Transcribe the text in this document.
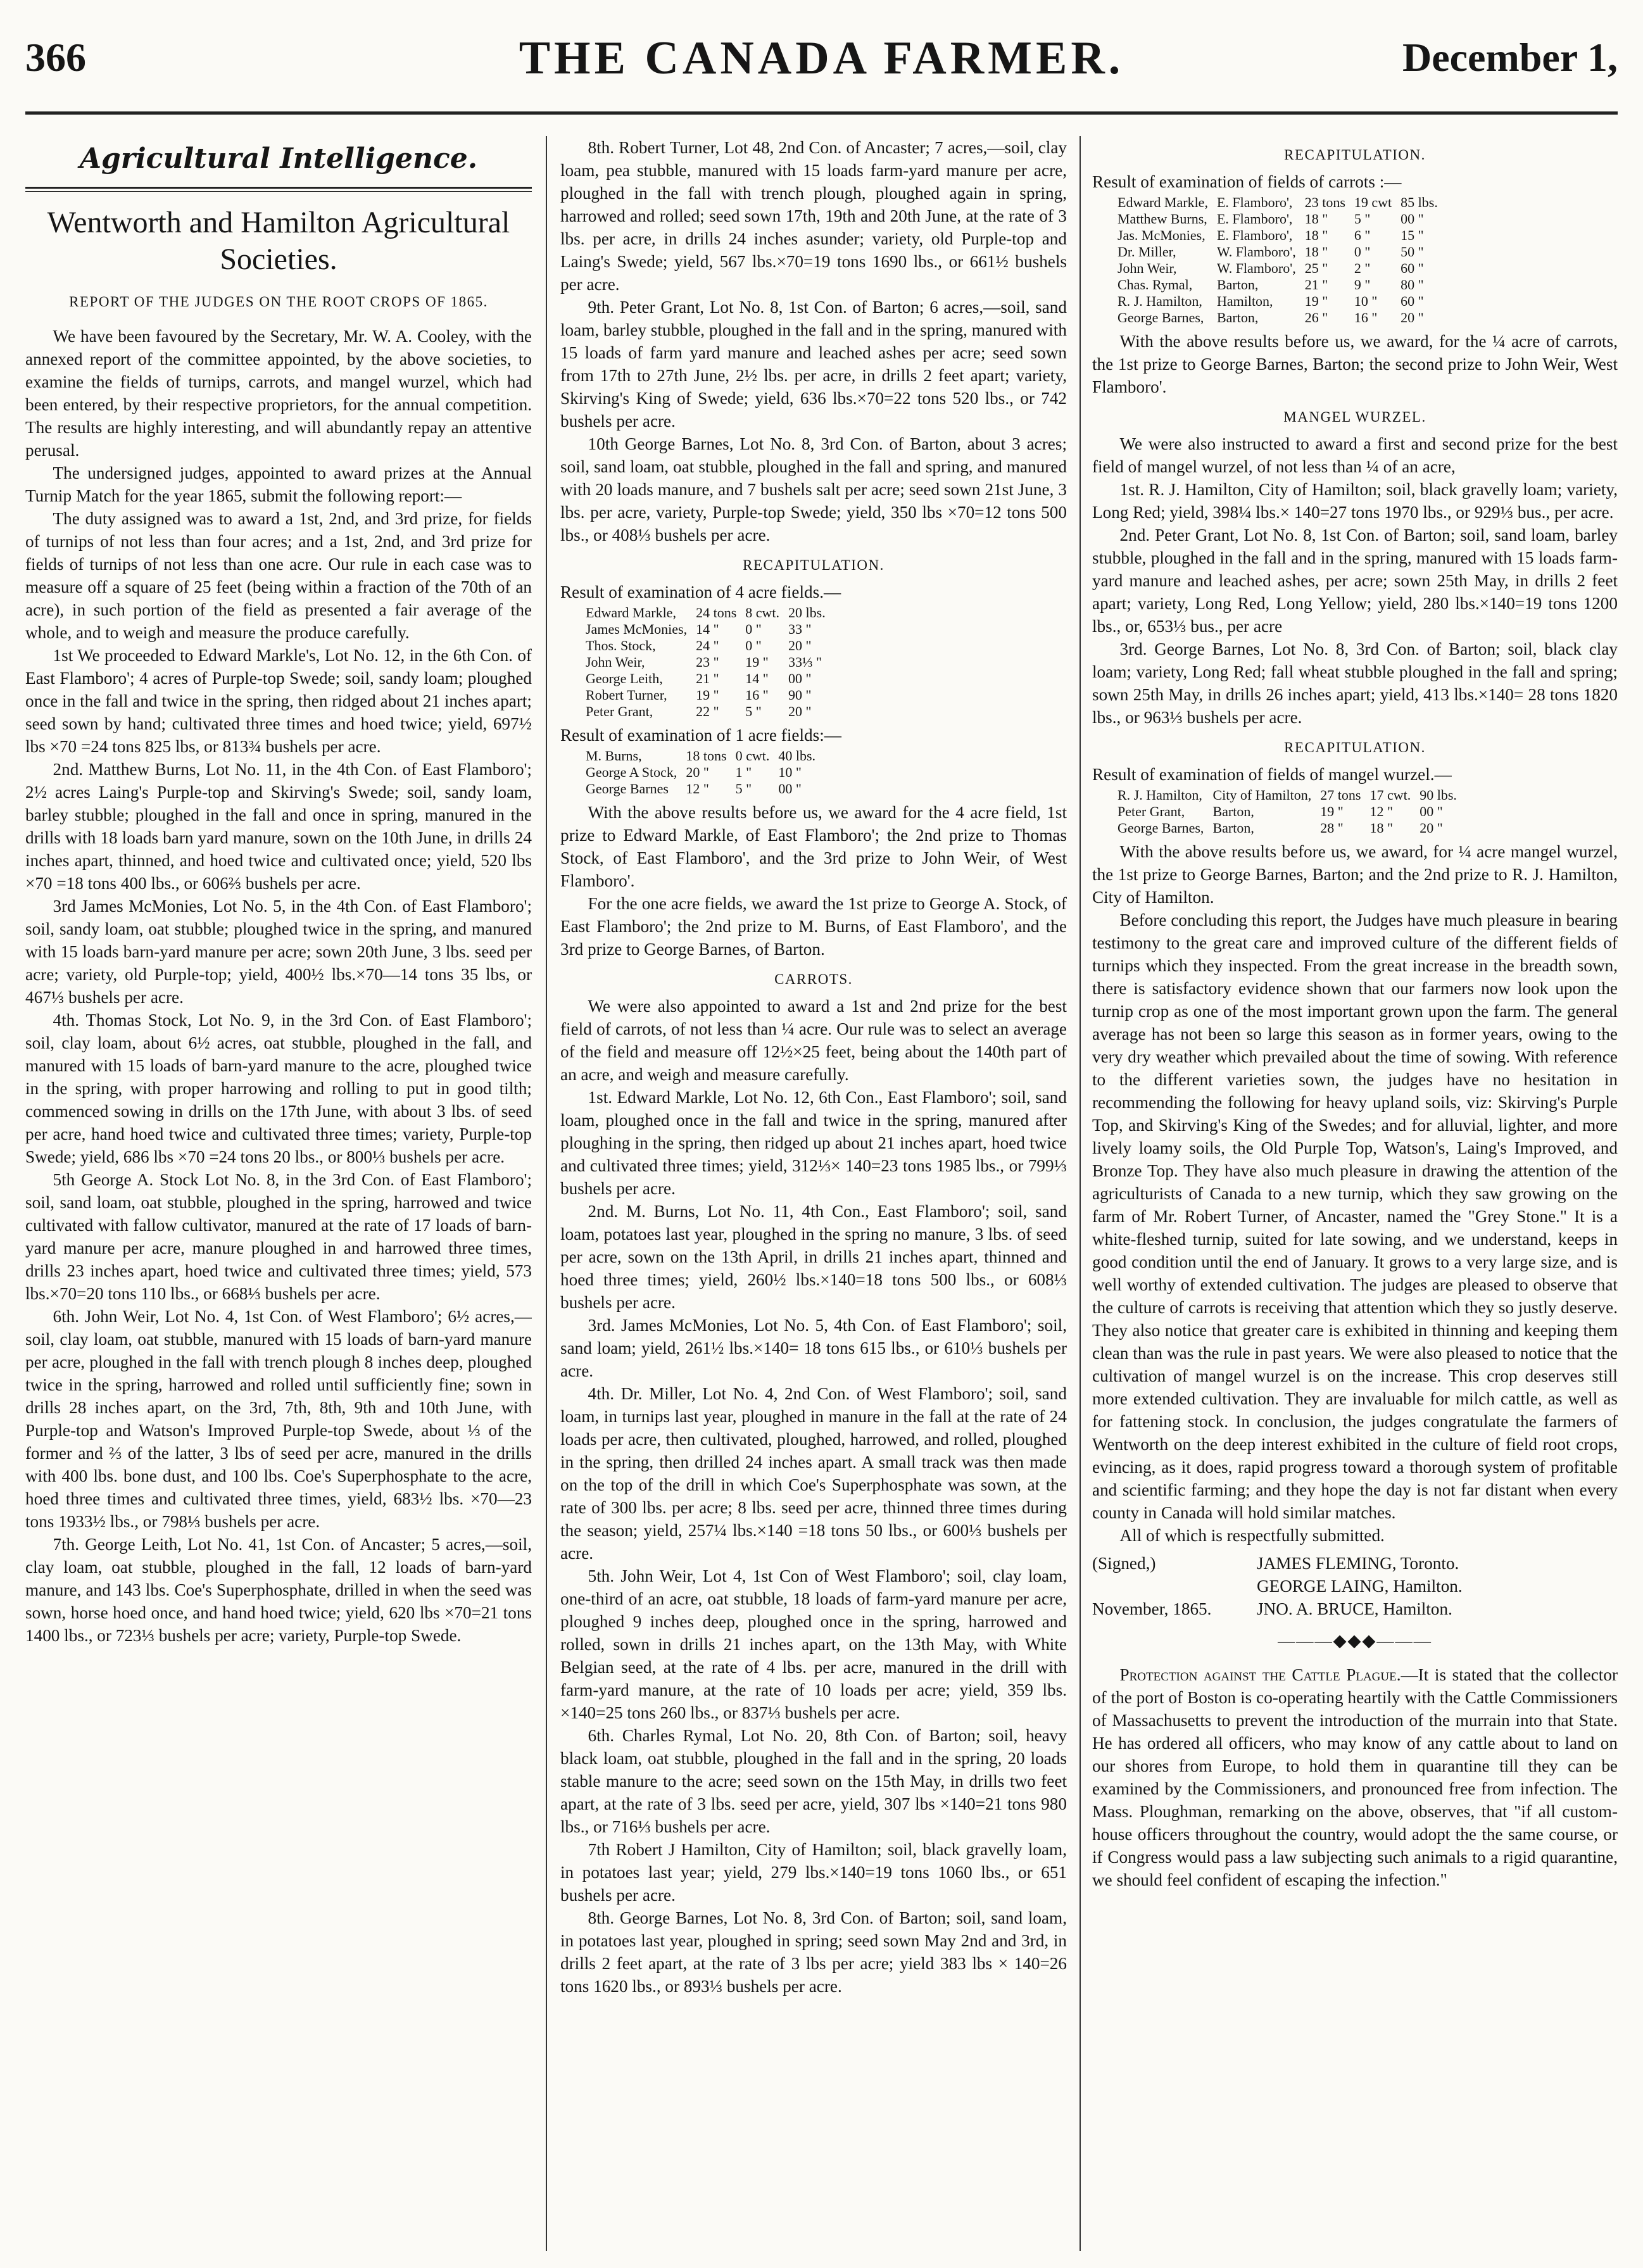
366	THE CANADA FARMER.	December 1,
Agricultural Intelligence.
Wentworth and Hamilton Agricultural Societies.
REPORT OF THE JUDGES ON THE ROOT CROPS OF 1865.

We have been favoured by the Secretary, Mr. W. A. Cooley, with the annexed report of the committee appointed, by the above societies, to examine the fields of turnips, carrots, and mangel wurzel, which had been entered, by their respective proprietors, for the annual competition. The results are highly interesting, and will abundantly repay an attentive perusal.

The undersigned judges, appointed to award prizes at the Annual Turnip Match for the year 1865, submit the following report:—

The duty assigned was to award a 1st, 2nd, and 3rd prize, for fields of turnips of not less than four acres; and a 1st, 2nd, and 3rd prize for fields of turnips of not less than one acre. Our rule in each case was to measure off a square of 25 feet (being within a fraction of the 70th of an acre), in such portion of the field as presented a fair average of the whole, and to weigh and measure the produce carefully.

1st We proceeded to Edward Markle's, Lot No. 12, in the 6th Con. of East Flamboro'; 4 acres of Purple-top Swede; soil, sandy loam; ploughed once in the fall and twice in the spring, then ridged about 21 inches apart; seed sown by hand; cultivated three times and hoed twice; yield, 697½ lbs ×70 =24 tons 825 lbs, or 813¾ bushels per acre.

2nd. Matthew Burns, Lot No. 11, in the 4th Con. of East Flamboro'; 2½ acres Laing's Purple-top and Skirving's Swede; soil, sandy loam, barley stubble; ploughed in the fall and once in spring, manured in the drills with 18 loads barn yard manure, sown on the 10th June, in drills 24 inches apart, thinned, and hoed twice and cultivated once; yield, 520 lbs ×70 =18 tons 400 lbs., or 606⅔ bushels per acre.

3rd James McMonies, Lot No. 5, in the 4th Con. of East Flamboro'; soil, sandy loam, oat stubble; ploughed twice in the spring, and manured with 15 loads barn-yard manure per acre; sown 20th June, 3 lbs. seed per acre; variety, old Purple-top; yield, 400½ lbs.×70—14 tons 35 lbs, or 467⅓ bushels per acre.

4th. Thomas Stock, Lot No. 9, in the 3rd Con. of East Flamboro'; soil, clay loam, about 6½ acres, oat stubble, ploughed in the fall, and manured with 15 loads of barn-yard manure to the acre, ploughed twice in the spring, with proper harrowing and rolling to put in good tilth; commenced sowing in drills on the 17th June, with about 3 lbs. of seed per acre, hand hoed twice and cultivated three times; variety, Purple-top Swede; yield, 686 lbs ×70 =24 tons 20 lbs., or 800⅓ bushels per acre.

5th George A. Stock Lot No. 8, in the 3rd Con. of East Flamboro'; soil, sand loam, oat stubble, ploughed in the spring, harrowed and twice cultivated with fallow cultivator, manured at the rate of 17 loads of barn-yard manure per acre, manure ploughed in and harrowed three times, drills 23 inches apart, hoed twice and cultivated three times; yield, 573 lbs.×70=20 tons 110 lbs., or 668⅓ bushels per acre.

6th. John Weir, Lot No. 4, 1st Con. of West Flamboro'; 6½ acres,—soil, clay loam, oat stubble, manured with 15 loads of barn-yard manure per acre, ploughed in the fall with trench plough 8 inches deep, ploughed twice in the spring, harrowed and rolled until sufficiently fine; sown in drills 28 inches apart, on the 3rd, 7th, 8th, 9th and 10th June, with Purple-top and Watson's Improved Purple-top Swede, about ⅓ of the former and ⅔ of the latter, 3 lbs of seed per acre, manured in the drills with 400 lbs. bone dust, and 100 lbs. Coe's Superphosphate to the acre, hoed three times and cultivated three times, yield, 683½ lbs. ×70—23 tons 1933½ lbs., or 798⅓ bushels per acre.

7th. George Leith, Lot No. 41, 1st Con. of Ancaster; 5 acres,—soil, clay loam, oat stubble, ploughed in the fall, 12 loads of barn-yard manure, and 143 lbs. Coe's Superphosphate, drilled in when the seed was sown, horse hoed once, and hand hoed twice; yield, 620 lbs ×70=21 tons 1400 lbs., or 723⅓ bushels per acre; variety, Purple-top Swede.

8th. Robert Turner, Lot 48, 2nd Con. of Ancaster; 7 acres,—soil, clay loam, pea stubble, manured with 15 loads farm-yard manure per acre, ploughed in the fall with trench plough, ploughed again in spring, harrowed and rolled; seed sown 17th, 19th and 20th June, at the rate of 3 lbs. per acre, in drills 24 inches asunder; variety, old Purple-top and Laing's Swede; yield, 567 lbs.×70=19 tons 1690 lbs., or 661½ bushels per acre.

9th. Peter Grant, Lot No. 8, 1st Con. of Barton; 6 acres,—soil, sand loam, barley stubble, ploughed in the fall and in the spring, manured with 15 loads of farm yard manure and leached ashes per acre; seed sown from 17th to 27th June, 2½ lbs. per acre, in drills 2 feet apart; variety, Skirving's King of Swede; yield, 636 lbs.×70=22 tons 520 lbs., or 742 bushels per acre.

10th George Barnes, Lot No. 8, 3rd Con. of Barton, about 3 acres; soil, sand loam, oat stubble, ploughed in the fall and spring, and manured with 20 loads manure, and 7 bushels salt per acre; seed sown 21st June, 3 lbs. per acre, variety, Purple-top Swede; yield, 350 lbs ×70=12 tons 500 lbs., or 408⅓ bushels per acre.

RECAPITULATION.

Result of examination of 4 acre fields.—

Edward Markle,	24 tons	8 cwt.	20 lbs.
James McMonies,	14 "	0 "	33 "
Thos. Stock,	24 "	0 "	20 "
John Weir,	23 "	19 "	33⅓ "
George Leith,	21 "	14 "	00 "
Robert Turner,	19 "	16 "	90 "
Peter Grant,	22 "	5 "	20 "

Result of examination of 1 acre fields:—

M. Burns,	18 tons	0 cwt.	40 lbs.
George A Stock,	20 "	1 "	10 "
George Barnes	12 "	5 "	00 "

With the above results before us, we award for the 4 acre field, 1st prize to Edward Markle, of East Flamboro'; the 2nd prize to Thomas Stock, of East Flamboro', and the 3rd prize to John Weir, of West Flamboro'.

For the one acre fields, we award the 1st prize to George A. Stock, of East Flamboro'; the 2nd prize to M. Burns, of East Flamboro', and the 3rd prize to George Barnes, of Barton.

CARROTS.

We were also appointed to award a 1st and 2nd prize for the best field of carrots, of not less than ¼ acre. Our rule was to select an average of the field and measure off 12½×25 feet, being about the 140th part of an acre, and weigh and measure carefully.

1st. Edward Markle, Lot No. 12, 6th Con., East Flamboro'; soil, sand loam, ploughed once in the fall and twice in the spring, manured after ploughing in the spring, then ridged up about 21 inches apart, hoed twice and cultivated three times; yield, 312⅓× 140=23 tons 1985 lbs., or 799⅓ bushels per acre.

2nd. M. Burns, Lot No. 11, 4th Con., East Flamboro'; soil, sand loam, potatoes last year, ploughed in the spring no manure, 3 lbs. of seed per acre, sown on the 13th April, in drills 21 inches apart, thinned and hoed three times; yield, 260½ lbs.×140=18 tons 500 lbs., or 608⅓ bushels per acre.

3rd. James McMonies, Lot No. 5, 4th Con. of East Flamboro'; soil, sand loam; yield, 261½ lbs.×140= 18 tons 615 lbs., or 610⅓ bushels per acre.

4th. Dr. Miller, Lot No. 4, 2nd Con. of West Flamboro'; soil, sand loam, in turnips last year, ploughed in manure in the fall at the rate of 24 loads per acre, then cultivated, ploughed, harrowed, and rolled, ploughed in the spring, then drilled 24 inches apart. A small track was then made on the top of the drill in which Coe's Superphosphate was sown, at the rate of 300 lbs. per acre; 8 lbs. seed per acre, thinned three times during the season; yield, 257¼ lbs.×140 =18 tons 50 lbs., or 600⅓ bushels per acre.

5th. John Weir, Lot 4, 1st Con of West Flamboro'; soil, clay loam, one-third of an acre, oat stubble, 18 loads of farm-yard manure per acre, ploughed 9 inches deep, ploughed once in the spring, harrowed and rolled, sown in drills 21 inches apart, on the 13th May, with White Belgian seed, at the rate of 4 lbs. per acre, manured in the drill with farm-yard manure, at the rate of 10 loads per acre; yield, 359 lbs. ×140=25 tons 260 lbs., or 837⅓ bushels per acre.

6th. Charles Rymal, Lot No. 20, 8th Con. of Barton; soil, heavy black loam, oat stubble, ploughed in the fall and in the spring, 20 loads stable manure to the acre; seed sown on the 15th May, in drills two feet apart, at the rate of 3 lbs. seed per acre, yield, 307 lbs ×140=21 tons 980 lbs., or 716⅓ bushels per acre.

7th Robert J Hamilton, City of Hamilton; soil, black gravelly loam, in potatoes last year; yield, 279 lbs.×140=19 tons 1060 lbs., or 651 bushels per acre.

8th. George Barnes, Lot No. 8, 3rd Con. of Barton; soil, sand loam, in potatoes last year, ploughed in spring; seed sown May 2nd and 3rd, in drills 2 feet apart, at the rate of 3 lbs per acre; yield 383 lbs × 140=26 tons 1620 lbs., or 893⅓ bushels per acre.

RECAPITULATION.

Result of examination of fields of carrots :—

Edward Markle,	E. Flamboro',	23 tons	19 cwt	85 lbs.
Matthew Burns,	E. Flamboro',	18 "	5 "	00 "
Jas. McMonies,	E. Flamboro',	18 "	6 "	15 "
Dr. Miller,	W. Flamboro',	18 "	0 "	50 "
John Weir,	W. Flamboro',	25 "	2 "	60 "
Chas. Rymal,	Barton,	21 "	9 "	80 "
R. J. Hamilton,	Hamilton,	19 "	10 "	60 "
George Barnes,	Barton,	26 "	16 "	20 "

With the above results before us, we award, for the ¼ acre of carrots, the 1st prize to George Barnes, Barton; the second prize to John Weir, West Flamboro'.

MANGEL WURZEL.

We were also instructed to award a first and second prize for the best field of mangel wurzel, of not less than ¼ of an acre,

1st. R. J. Hamilton, City of Hamilton; soil, black gravelly loam; variety, Long Red; yield, 398¼ lbs.× 140=27 tons 1970 lbs., or 929⅓ bus., per acre.

2nd. Peter Grant, Lot No. 8, 1st Con. of Barton; soil, sand loam, barley stubble, ploughed in the fall and in the spring, manured with 15 loads farm-yard manure and leached ashes, per acre; sown 25th May, in drills 2 feet apart; variety, Long Red, Long Yellow; yield, 280 lbs.×140=19 tons 1200 lbs., or, 653⅓ bus., per acre

3rd. George Barnes, Lot No. 8, 3rd Con. of Barton; soil, black clay loam; variety, Long Red; fall wheat stubble ploughed in the fall and spring; sown 25th May, in drills 26 inches apart; yield, 413 lbs.×140= 28 tons 1820 lbs., or 963⅓ bushels per acre.

RECAPITULATION.

Result of examination of fields of mangel wurzel.—

R. J. Hamilton,	City of Hamilton,	27 tons	17 cwt.	90 lbs.
Peter Grant,	Barton,	19 "	12 "	00 "
George Barnes,	Barton,	28 "	18 "	20 "

With the above results before us, we award, for ¼ acre mangel wurzel, the 1st prize to George Barnes, Barton; and the 2nd prize to R. J. Hamilton, City of Hamilton.

Before concluding this report, the Judges have much pleasure in bearing testimony to the great care and improved culture of the different fields of turnips which they inspected. From the great increase in the breadth sown, there is satisfactory evidence shown that our farmers now look upon the turnip crop as one of the most important grown upon the farm. The general average has not been so large this season as in former years, owing to the very dry weather which prevailed about the time of sowing. With reference to the different varieties sown, the judges have no hesitation in recommending the following for heavy upland soils, viz: Skirving's Purple Top, and Skirving's King of the Swedes; and for alluvial, lighter, and more lively loamy soils, the Old Purple Top, Watson's, Laing's Improved, and Bronze Top. They have also much pleasure in drawing the attention of the agriculturists of Canada to a new turnip, which they saw growing on the farm of Mr. Robert Turner, of Ancaster, named the "Grey Stone." It is a white-fleshed turnip, suited for late sowing, and we understand, keeps in good condition until the end of January. It grows to a very large size, and is well worthy of extended cultivation. The judges are pleased to observe that the culture of carrots is receiving that attention which they so justly deserve. They also notice that greater care is exhibited in thinning and keeping them clean than was the rule in past years. We were also pleased to notice that the cultivation of mangel wurzel is on the increase. This crop deserves still more extended cultivation. They are invaluable for milch cattle, as well as for fattening stock. In conclusion, the judges congratulate the farmers of Wentworth on the deep interest exhibited in the culture of field root crops, evincing, as it does, rapid progress toward a thorough system of profitable and scientific farming; and they hope the day is not far distant when every county in Canada will hold similar matches.

All of which is respectfully submitted.

(Signed,)	JAMES FLEMING, Toronto.
GEORGE LAING, Hamilton.
November, 1865.	JNO. A. BRUCE, Hamilton.
———◆◆◆———

Protection against the Cattle Plague.—It is stated that the collector of the port of Boston is co-operating heartily with the Cattle Commissioners of Massachusetts to prevent the introduction of the murrain into that State. He has ordered all officers, who may know of any cattle about to land on our shores from Europe, to hold them in quarantine till they can be examined by the Commissioners, and pronounced free from infection. The Mass. Ploughman, remarking on the above, observes, that "if all custom-house officers throughout the country, would adopt the the same course, or if Congress would pass a law subjecting such animals to a rigid quarantine, we should feel confident of escaping the infection."
